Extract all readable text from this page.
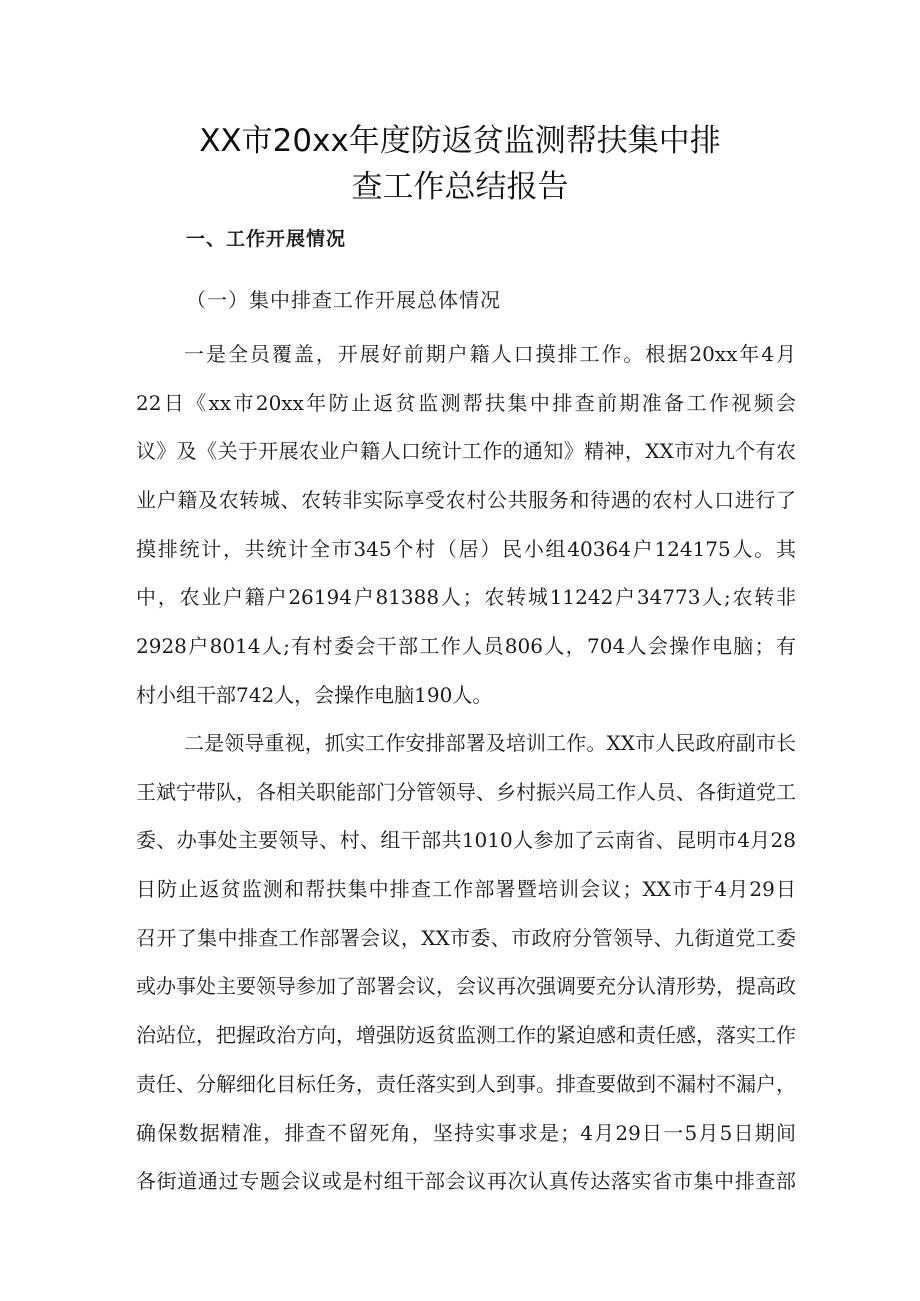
XX市20xx年度防返贫监测帮扶集中排
查工作总结报告
一、工作开展情况
（一）集中排查工作开展总体情况
一是全员覆盖，开展好前期户籍人口摸排工作。根据20xx年4月
22日《xx市20xx年防止返贫监测帮扶集中排查前期准备工作视频会
议》及《关于开展农业户籍人口统计工作的通知》精神，XX市对九个有农
业户籍及农转城、农转非实际享受农村公共服务和待遇的农村人口进行了
摸排统计，共统计全市345个村（居）民小组40364户124175人。其
中，农业户籍户26194户81388人；农转城11242户34773人;农转非
2928户8014人;有村委会干部工作人员806人，704人会操作电脑；有
村小组干部742人，会操作电脑190人。
二是领导重视，抓实工作安排部署及培训工作。XX市人民政府副市长
王斌宁带队，各相关职能部门分管领导、乡村振兴局工作人员、各街道党工
委、办事处主要领导、村、组干部共1010人参加了云南省、昆明市4月28
日防止返贫监测和帮扶集中排查工作部署暨培训会议；XX市于4月29日
召开了集中排查工作部署会议，XX市委、市政府分管领导、九街道党工委
或办事处主要领导参加了部署会议，会议再次强调要充分认清形势，提高政
治站位，把握政治方向，增强防返贫监测工作的紧迫感和责任感，落实工作
责任、分解细化目标任务，责任落实到人到事。排查要做到不漏村不漏户，
确保数据精准，排查不留死角，坚持实事求是；4月29日一5月5日期间
各街道通过专题会议或是村组干部会议再次认真传达落实省市集中排查部
